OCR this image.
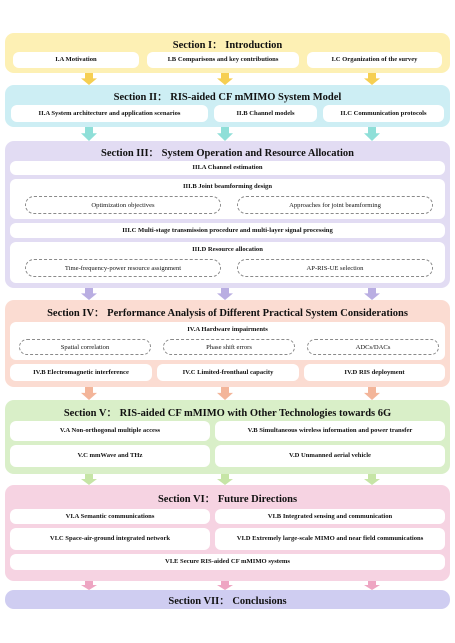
Section I： Introduction
I.A Motivation	I.B Comparisons and key contributions	I.C Organization of the survey
Section II： RIS-aided CF mMIMO System Model
II.A System architecture and application scenarios	II.B Channel models	II.C Communication protocols
Section III： System Operation and Resource Allocation
III.A Channel estimation
III.B Joint beamforming design
Optimization objectives	Approaches for joint beamforming
III.C Multi-stage transmission procedure and multi-layer signal processing
III.D Resource allocation
Time-frequency-power resource assignment	AP-RIS-UE selection
Section IV： Performance Analysis of Different Practical System Considerations
IV.A Hardware impairments
Spatial correlation	Phase shift errors	ADCs/DACs
IV.B Electromagnetic interference	IV.C Limited-fronthaul capacity	IV.D RIS deployment
Section V： RIS-aided CF mMIMO with Other Technologies towards 6G
V.A Non-orthogonal multiple access	V.B Simultaneous wireless information and power transfer
V.C mmWave and THz	V.D Unmanned aerial vehicle
Section VI： Future Directions
VI.A Semantic communications	VI.B Integrated sensing and communication
VI.C Space-air-ground integrated network	VI.D Extremely large-scale MIMO and near field communications
VI.E Secure RIS-aided CF mMIMO systems
Section VII： Conclusions
